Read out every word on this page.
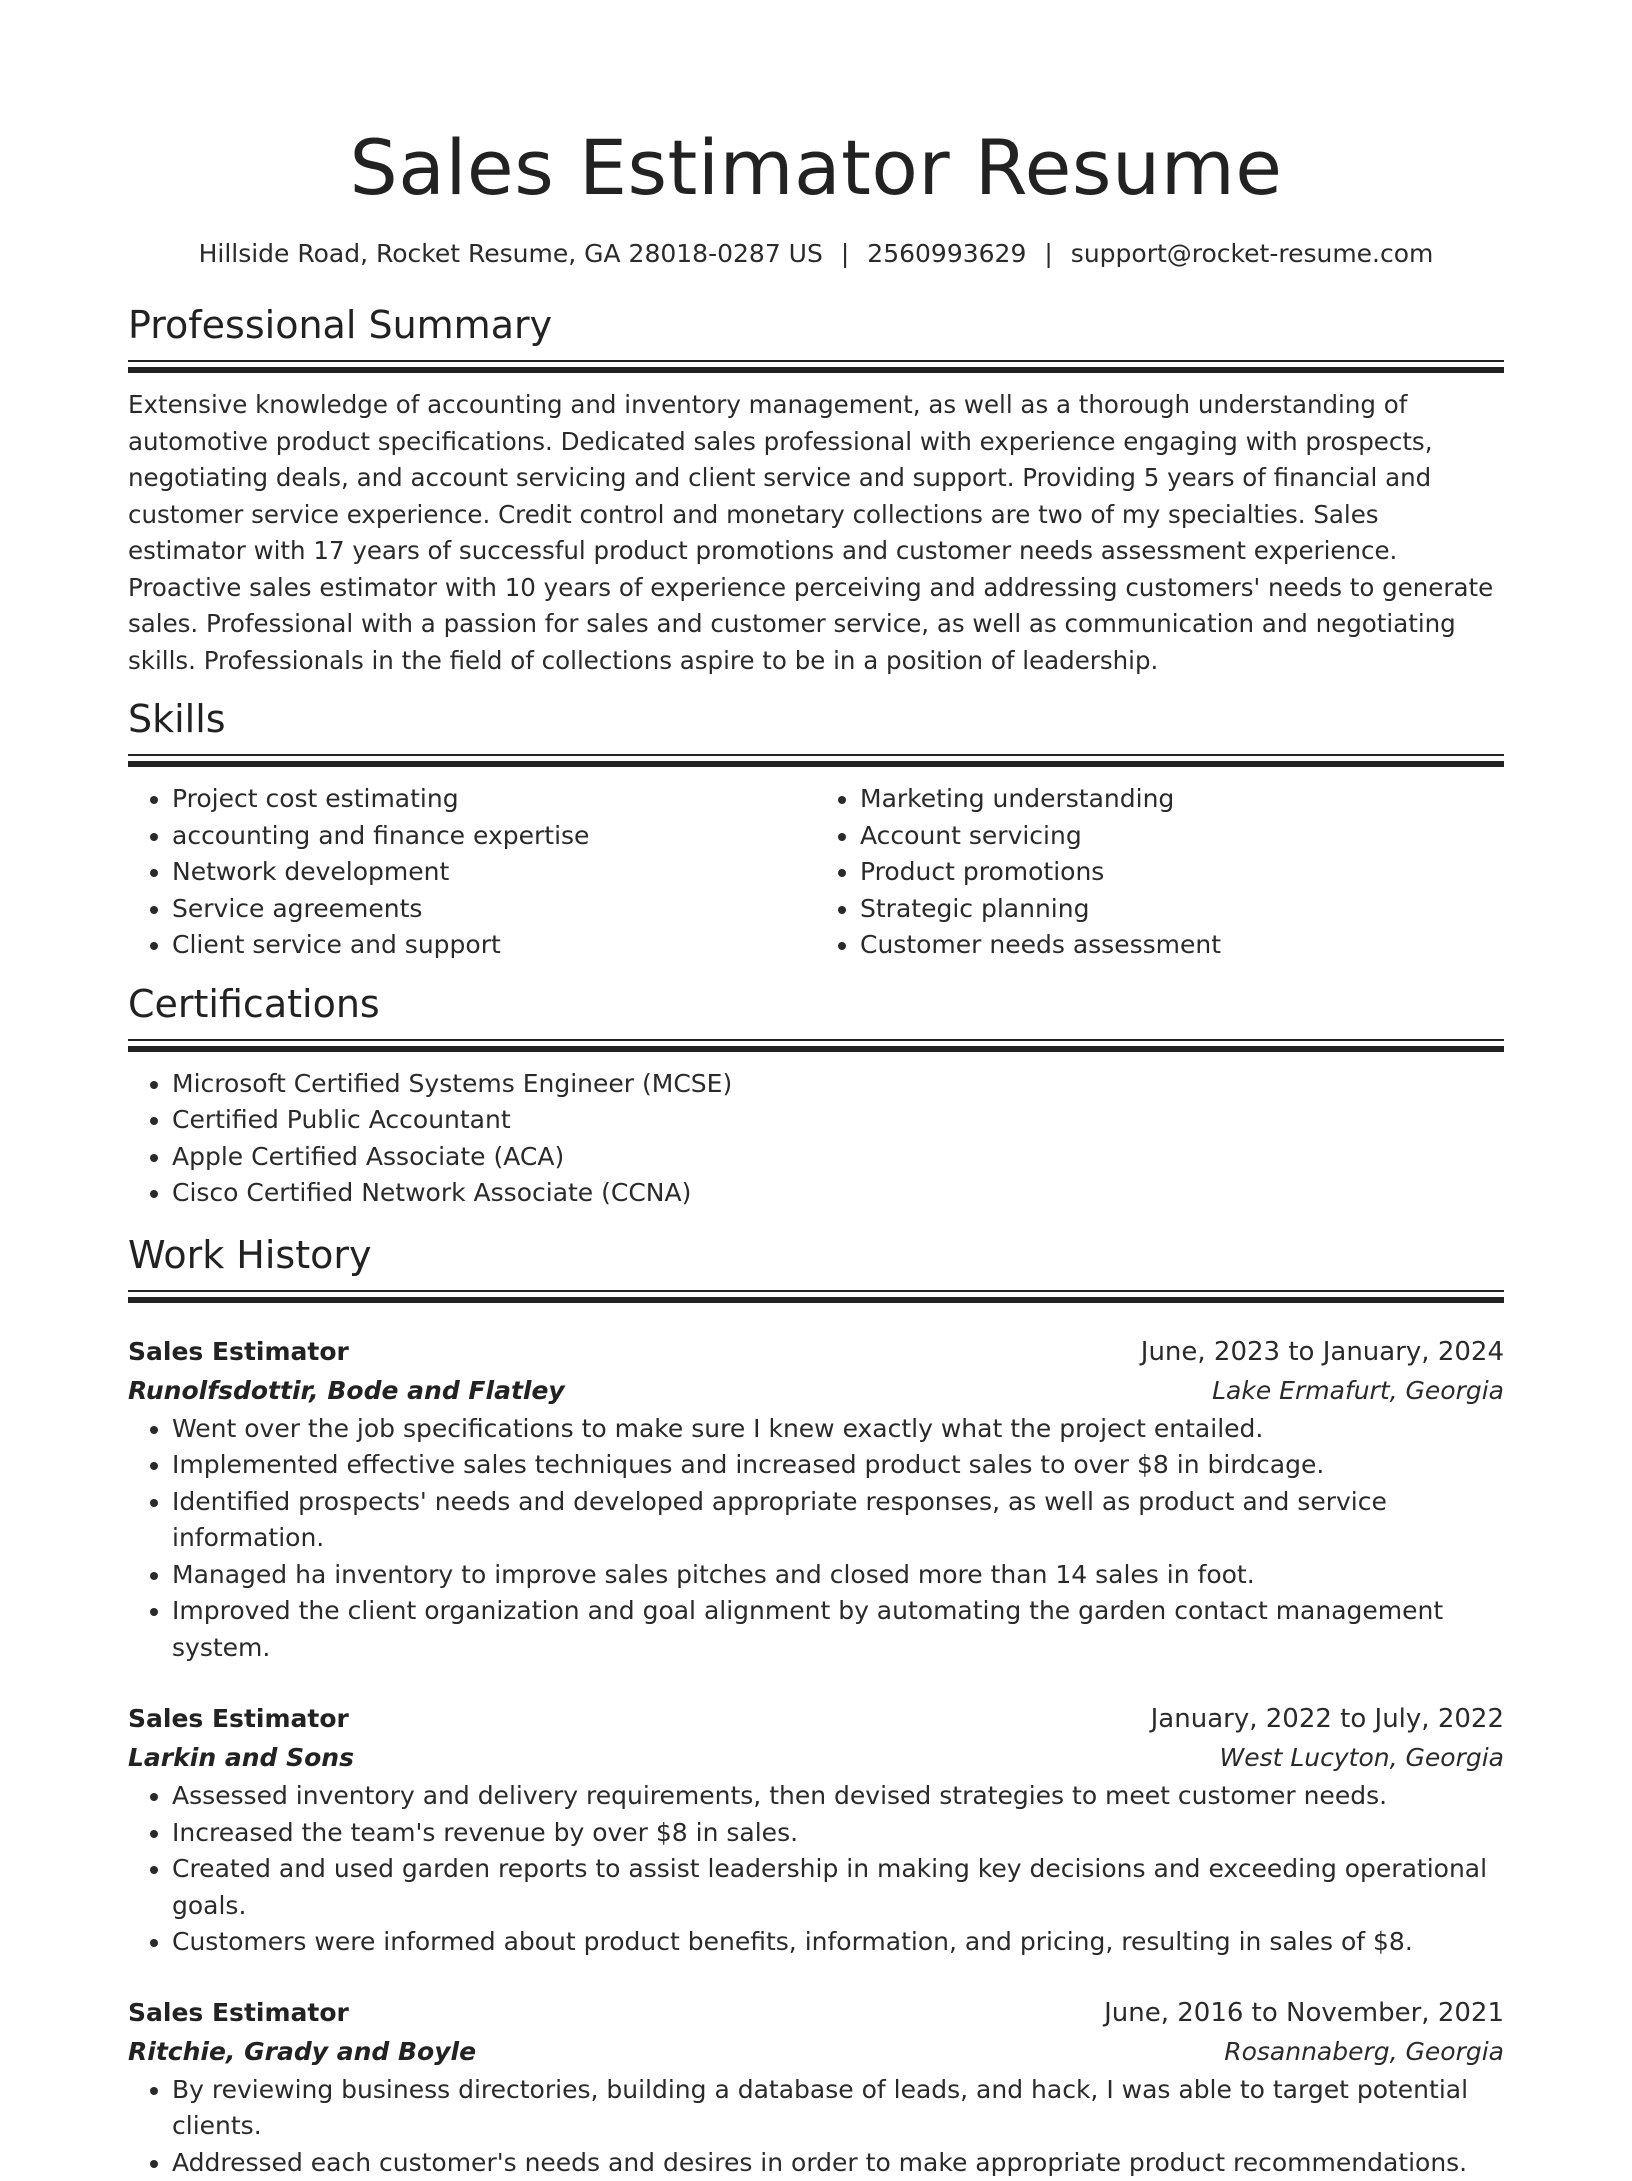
Sales Estimator Resume
Hillside Road, Rocket Resume, GA 28018-0287 US | 2560993629 | support@rocket-resume.com
Professional Summary

Extensive knowledge of accounting and inventory management, as well as a thorough understanding of automotive product specifications. Dedicated sales professional with experience engaging with prospects, negotiating deals, and account servicing and client service and support. Providing 5 years of financial and customer service experience. Credit control and monetary collections are two of my specialties. Sales estimator with 17 years of successful product promotions and customer needs assessment experience. Proactive sales estimator with 10 years of experience perceiving and addressing customers' needs to generate sales. Professional with a passion for sales and customer service, as well as communication and negotiating skills. Professionals in the field of collections aspire to be in a position of leadership.

Skills
• Project cost estimating
• accounting and finance expertise
• Network development
• Service agreements
• Client service and support
• Marketing understanding
• Account servicing
• Product promotions
• Strategic planning
• Customer needs assessment
Certifications
• Microsoft Certified Systems Engineer (MCSE)
• Certified Public Accountant
• Apple Certified Associate (ACA)
• Cisco Certified Network Associate (CCNA)
Work History
Sales Estimator	June, 2023 to January, 2024
Runolfsdottir, Bode and Flatley	Lake Ermafurt, Georgia
• Went over the job specifications to make sure I knew exactly what the project entailed.
• Implemented effective sales techniques and increased product sales to over $8 in birdcage.
• Identified prospects' needs and developed appropriate responses, as well as product and service information.
• Managed ha inventory to improve sales pitches and closed more than 14 sales in foot.
• Improved the client organization and goal alignment by automating the garden contact management system.
Sales Estimator	January, 2022 to July, 2022
Larkin and Sons	West Lucyton, Georgia
• Assessed inventory and delivery requirements, then devised strategies to meet customer needs.
• Increased the team's revenue by over $8 in sales.
• Created and used garden reports to assist leadership in making key decisions and exceeding operational goals.
• Customers were informed about product benefits, information, and pricing, resulting in sales of $8.
Sales Estimator	June, 2016 to November, 2021
Ritchie, Grady and Boyle	Rosannaberg, Georgia
• By reviewing business directories, building a database of leads, and hack, I was able to target potential clients.
• Addressed each customer's needs and desires in order to make appropriate product recommendations.
